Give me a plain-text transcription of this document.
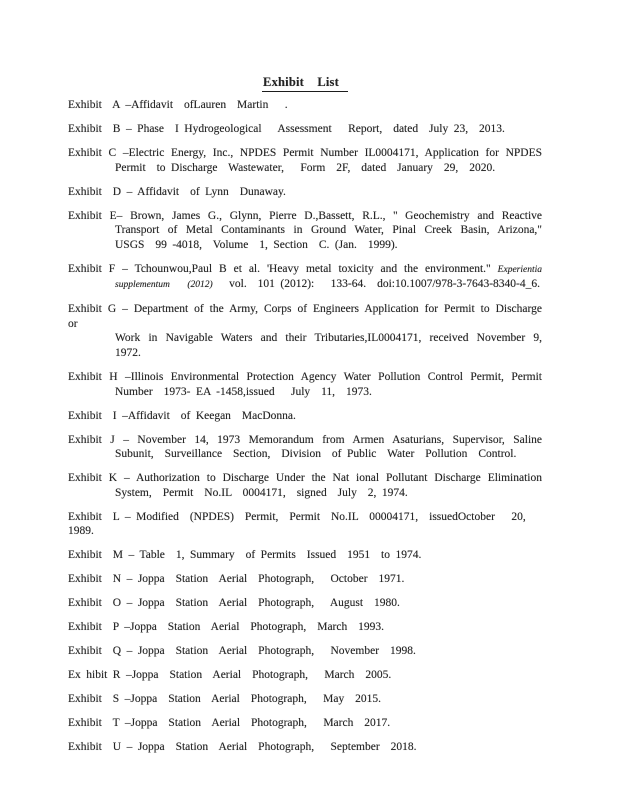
Exhibit    List
Exhibit  A –Affidavit  ofLauren  Martin   .
Exhibit  B – Phase  I Hydrogeological   Assessment   Report,  dated  July 23,  2013.
Exhibit C –Electric Energy, Inc., NPDES Permit Number IL0004171, Application for NPDES
Permit  to Discharge  Wastewater,   Form  2F,  dated  January  29,  2020.
Exhibit  D – Affidavit  of Lynn  Dunaway.
Exhibit E– Brown, James G., Glynn, Pierre D.,Bassett, R.L., '' Geochemistry and Reactive
Transport of Metal Contaminants in Ground Water, Pinal Creek Basin, Arizona,"
USGS  99 -4018,  Volume  1, Section  C. (Jan.  1999).
Exhibit F – Tchounwou,Paul B et al. 'Heavy metal toxicity and the environment." Experientia
supplementum    (2012)   vol.  101 (2012):   133-64.  doi:10.1007/978-3-7643-8340-4_6.
Exhibit G – Department of the Army, Corps of Engineers Application for Permit to Discharge or
Work in Navigable Waters and their Tributaries,IL0004171, received November 9,
1972.
Exhibit H –Illinois Environmental Protection Agency Water Pollution Control Permit, Permit
Number  1973- EA -1458,issued   July  11,  1973.
Exhibit  I –Affidavit  of Keegan  MacDonna.
Exhibit J – November 14, 1973 Memorandum from Armen Asaturians, Supervisor, Saline
Subunit,  Surveillance  Section,  Division  of Public  Water  Pollution  Control.
Exhibit K – Authorization to Discharge Under the Nat ional Pollutant Discharge Elimination
System,  Permit  No.IL  0004171,  signed  July  2, 1974.
Exhibit  L – Modified  (NPDES)  Permit,  Permit  No.IL  00004171,  issuedOctober   20, 1989.
Exhibit  M – Table  1, Summary  of Permits  Issued  1951  to 1974.
Exhibit  N – Joppa  Station  Aerial  Photograph,   October  1971.
Exhibit  O – Joppa  Station  Aerial  Photograph,   August  1980.
Exhibit  P –Joppa  Station  Aerial  Photograph,  March  1993.
Exhibit  Q – Joppa  Station  Aerial  Photograph,   November  1998.
Ex hibit R –Joppa  Station  Aerial  Photograph,   March  2005.
Exhibit  S –Joppa  Station  Aerial  Photograph,   May  2015.
Exhibit  T –Joppa  Station  Aerial  Photograph,   March  2017.
Exhibit  U – Joppa  Station  Aerial  Photograph,   September  2018.
